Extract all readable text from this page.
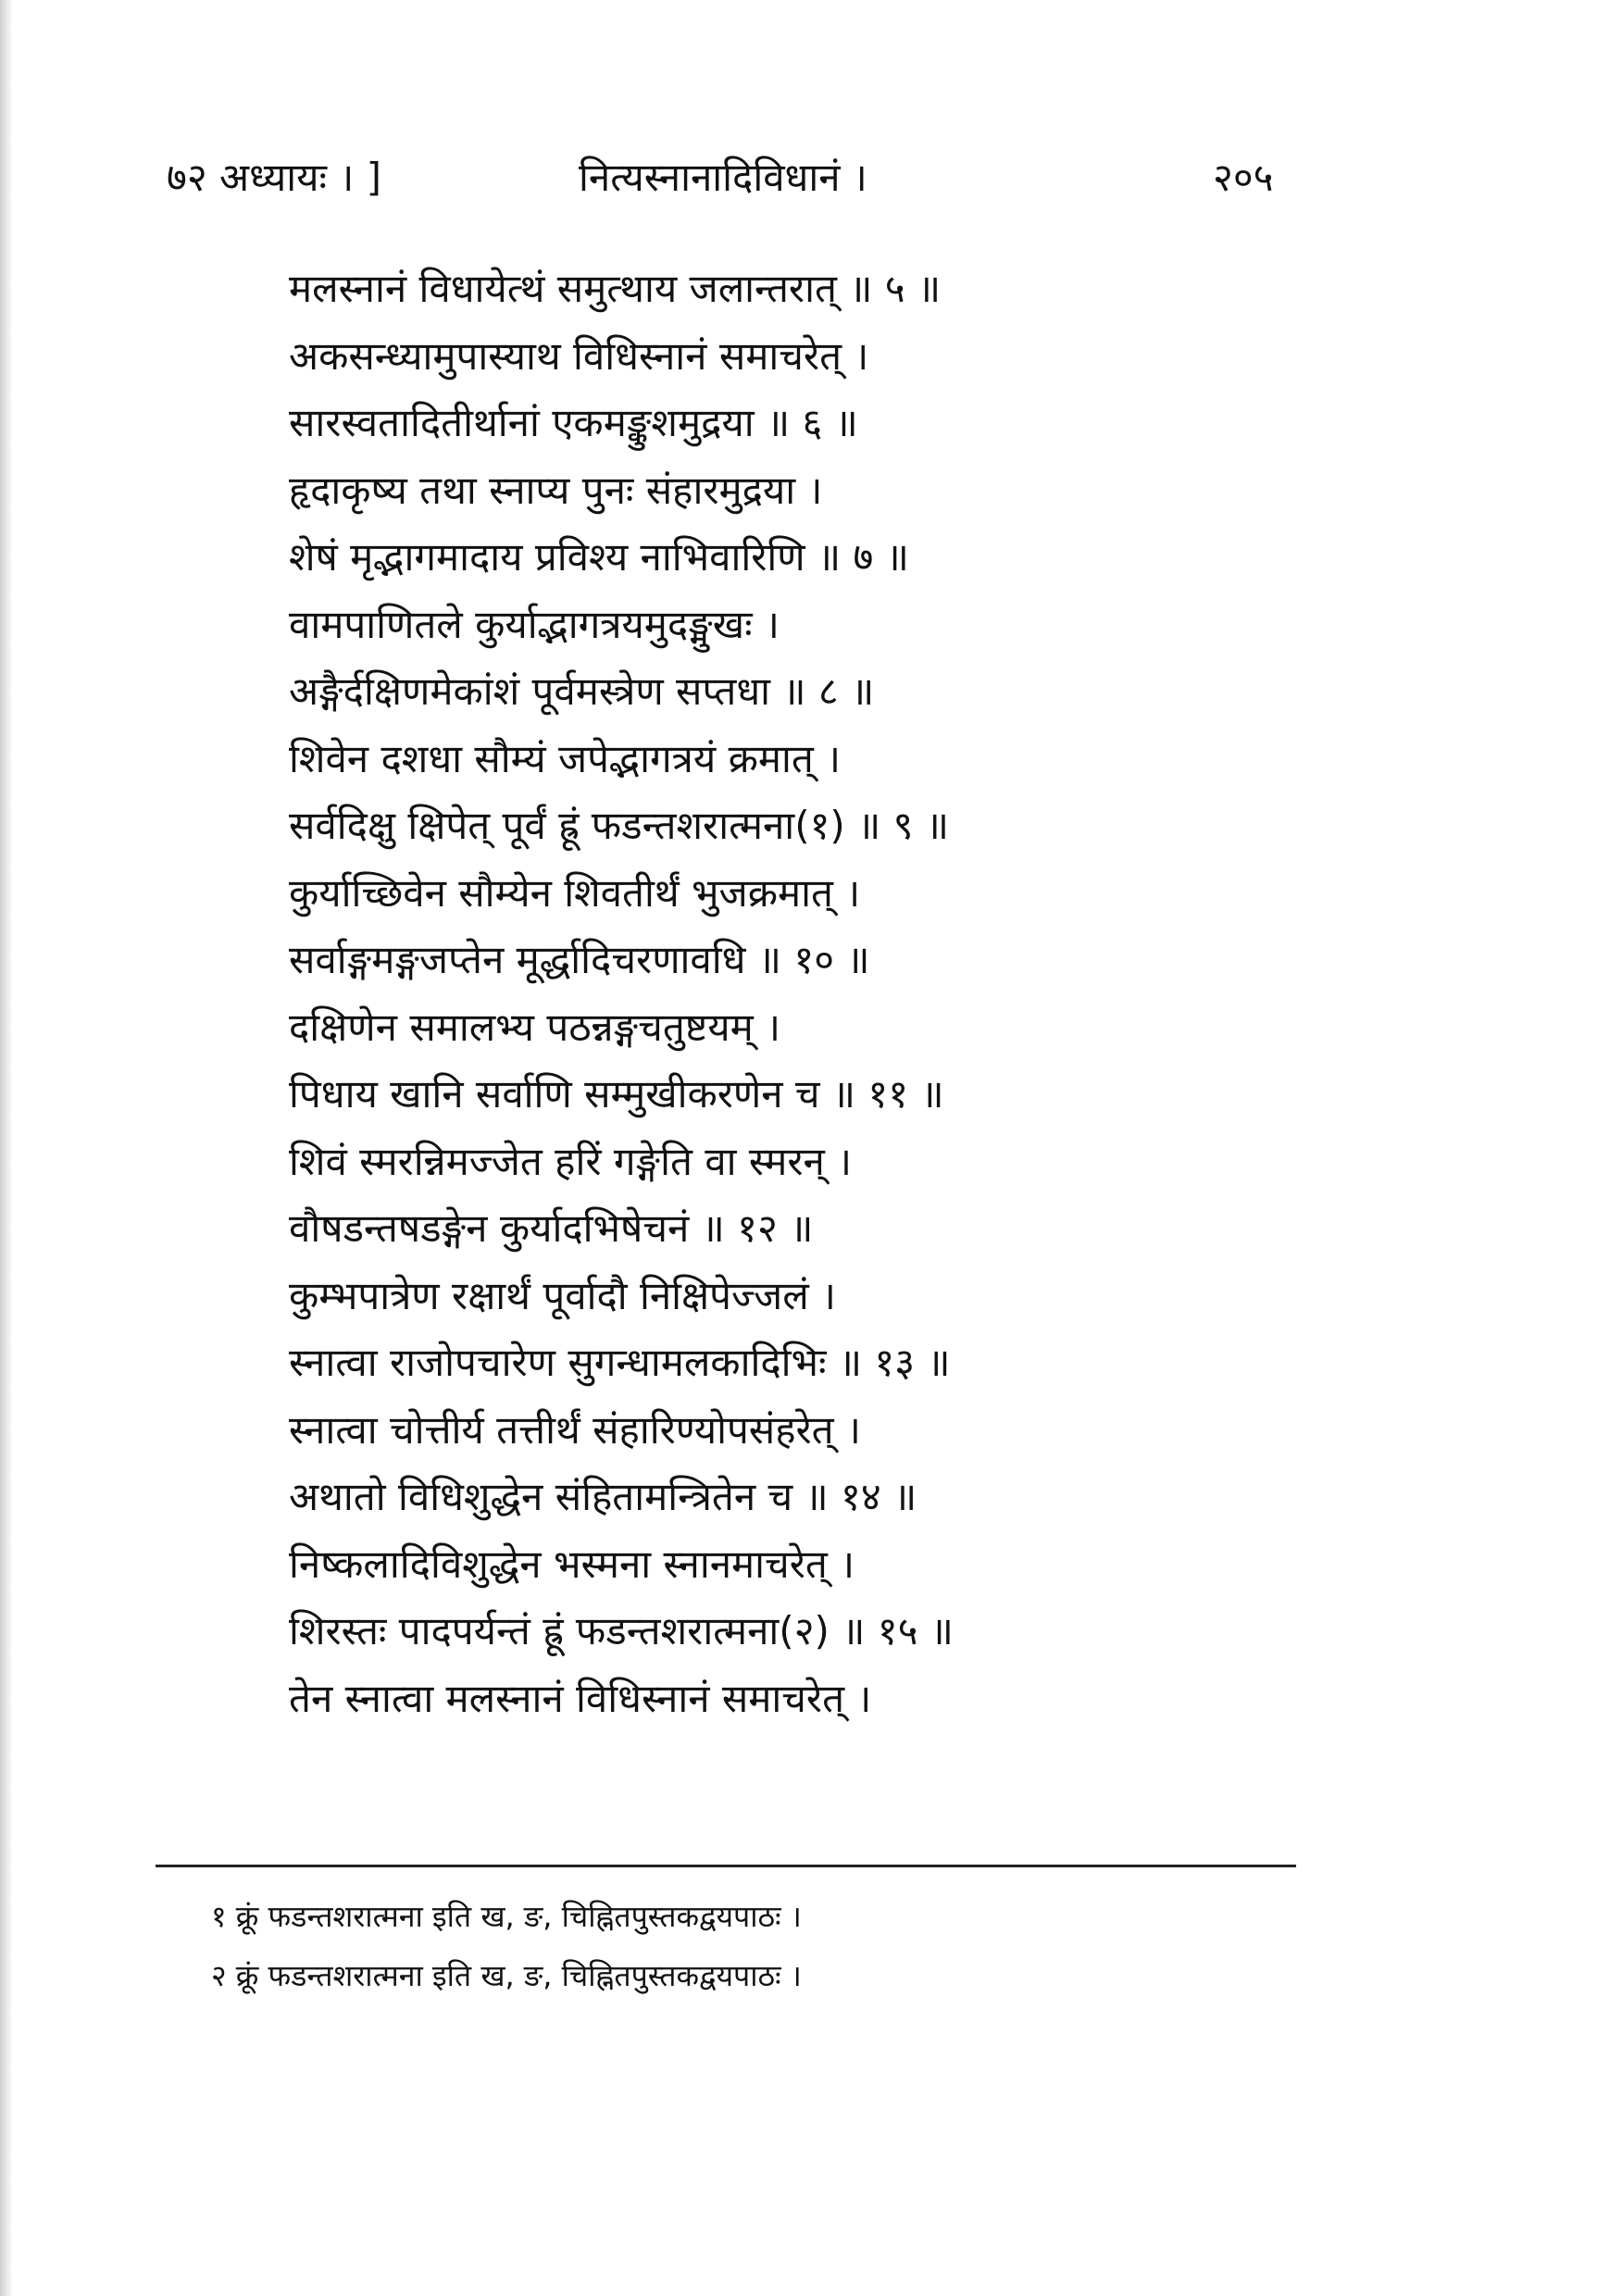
७२ अध्यायः । ]	नित्यस्नानादिविधानं ।	२०५
मलस्नानं विधायेत्थं समुत्थाय जलान्तरात् ॥ ५ ॥
अकसन्ध्यामुपास्याथ विधिस्नानं समाचरेत् ।
सारस्वतादितीर्थानां एकमङ्कुशमुद्रया ॥ ६ ॥
हृदाकृष्य तथा स्नाप्य पुनः संहारमुद्रया ।
शेषं मृद्भागमादाय प्रविश्य नाभिवारिणि ॥ ७ ॥
वामपाणितले कुर्याद्भागत्रयमुदङ्मुखः ।
अङ्गैर्दक्षिणमेकांशं पूर्वमस्त्रेण सप्तधा ॥ ८ ॥
शिवेन दशधा सौम्यं जपेद्भागत्रयं क्रमात् ।
सर्वदिक्षु क्षिपेत् पूर्वं ह्रूं फडन्तशरात्मना(१) ॥ ९ ॥
कुर्याच्छिवेन सौम्येन शिवतीर्थं भुजक्रमात् ।
सर्वाङ्गमङ्गजप्तेन मूर्द्धादिचरणावधि ॥ १० ॥
दक्षिणेन समालभ्य पठन्नङ्गचतुष्टयम् ।
पिधाय खानि सर्वाणि सम्मुखीकरणेन च ॥ ११ ॥
शिवं स्मरन्निमज्जेत हरिं गङ्गेति वा स्मरन् ।
वौषडन्तषडङ्गेन कुर्यादभिषेचनं ॥ १२ ॥
कुम्भपात्रेण रक्षार्थं पूर्वादौ निक्षिपेज्जलं ।
स्नात्वा राजोपचारेण सुगन्धामलकादिभिः ॥ १३ ॥
स्नात्वा चोत्तीर्य तत्तीर्थं संहारिण्योपसंहरेत् ।
अथातो विधिशुद्धेन संहितामन्त्रितेन च ॥ १४ ॥
निष्कलादिविशुद्धेन भस्मना स्नानमाचरेत् ।
शिरस्तः पादपर्यन्तं ह्रूं फडन्तशरात्मना(२) ॥ १५ ॥
तेन स्नात्वा मलस्नानं विधिस्नानं समाचरेत् ।
१ क्रूं फडन्तशरात्मना इति ख, ङ, चिह्नितपुस्तकद्वयपाठः ।
२ क्रूं फडन्तशरात्मना इति ख, ङ, चिह्नितपुस्तकद्वयपाठः ।
